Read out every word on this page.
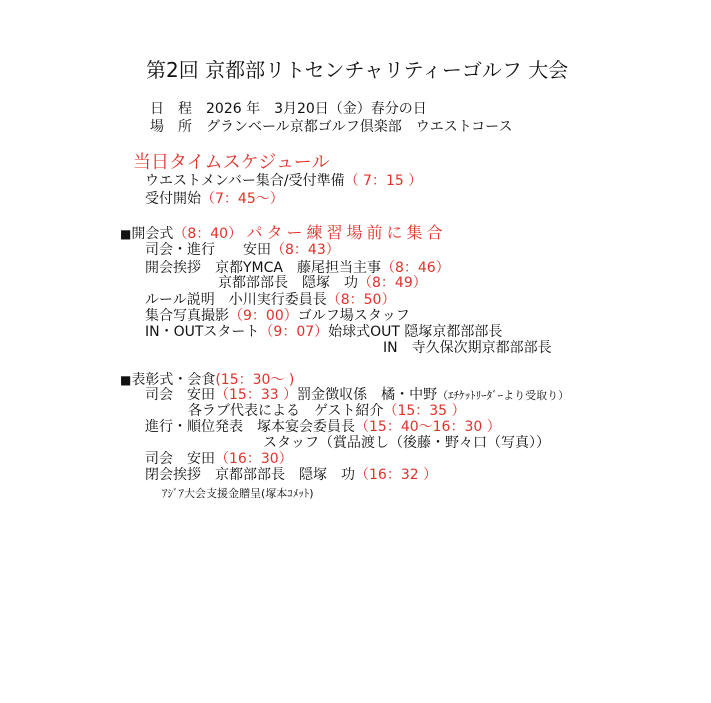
第2回 京都部リトセンチャリティーゴルフ 大会
日　程　 2026 年　3月20日（金）春分の日
場　所　 グランベール京都ゴルフ倶楽部　ウエストコース
当日タイムスケジュール
ウエストメンバー集合/受付準備（ 7：15 ）
受付開始（7：45〜）
■開会式（8：40） パター練習場前に集合
司会・進行　　安田（8：43）
開会挨拶　京都YMCA　藤尾担当主事（8：46）
京都部部長　隠塚　功（8：49）
ルール説明　小川実行委員長（8：50）
集合写真撮影（9：00）ゴルフ場スタッフ
IN・OUTスタート（9：07）始球式OUT 隠塚京都部部長
IN　寺久保次期京都部部長
■表彰式・会食(15：30〜 )
司会　安田（15：33 ）罰金徴収係　橘・中野（ｴﾁｹｯﾄﾘｰﾀﾞｰより受取り）
各ラブ代表による　ゲスト紹介（15：35 ）
進行・順位発表　塚本宴会委員長（15：40〜16：30 ）
スタッフ（賞品渡し（後藤・野々口（写真））
司会　安田（16：30）
閉会挨拶　京都部部長　隠塚　功（16：32 ）
ｱｼﾞｱ大会支援金贈呈(塚本ｺﾒｯﾄ)
